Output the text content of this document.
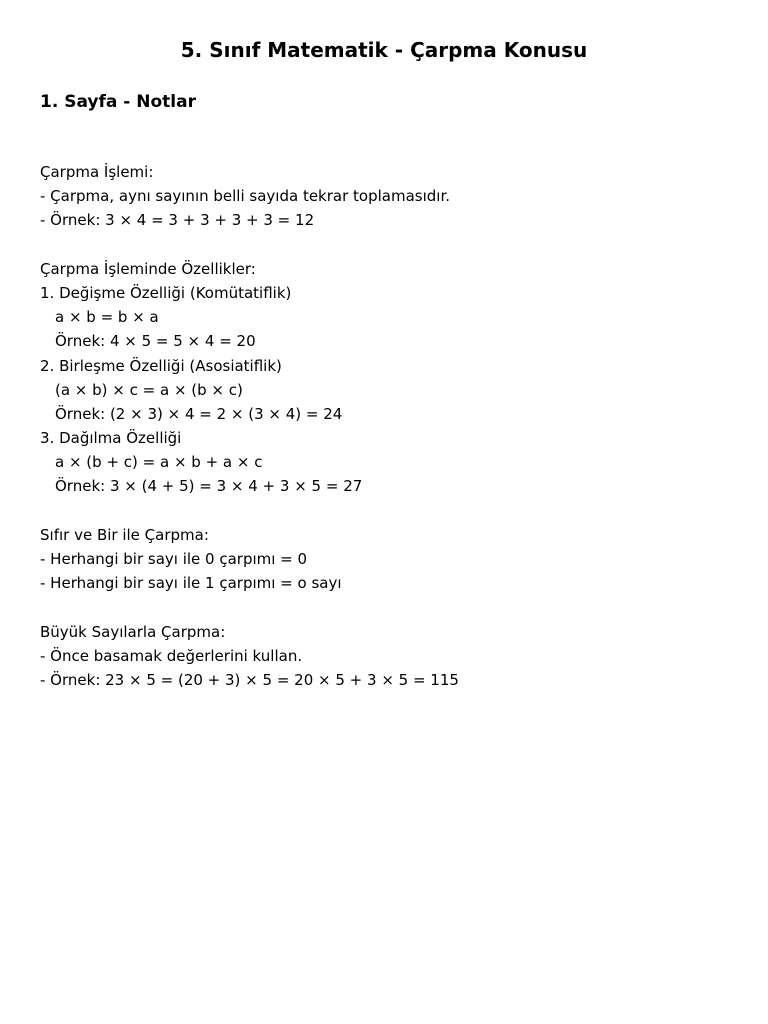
5. Sınıf Matematik - Çarpma Konusu
1. Sayfa - Notlar
Çarpma İşlemi:
- Çarpma, aynı sayının belli sayıda tekrar toplamasıdır.
- Örnek: 3 × 4 = 3 + 3 + 3 + 3 = 12
Çarpma İşleminde Özellikler:
1. Değişme Özelliği (Komütatiflik)
a × b = b × a
Örnek: 4 × 5 = 5 × 4 = 20
2. Birleşme Özelliği (Asosiatiflik)
(a × b) × c = a × (b × c)
Örnek: (2 × 3) × 4 = 2 × (3 × 4) = 24
3. Dağılma Özelliği
a × (b + c) = a × b + a × c
Örnek: 3 × (4 + 5) = 3 × 4 + 3 × 5 = 27
Sıfır ve Bir ile Çarpma:
- Herhangi bir sayı ile 0 çarpımı = 0
- Herhangi bir sayı ile 1 çarpımı = o sayı
Büyük Sayılarla Çarpma:
- Önce basamak değerlerini kullan.
- Örnek: 23 × 5 = (20 + 3) × 5 = 20 × 5 + 3 × 5 = 115
